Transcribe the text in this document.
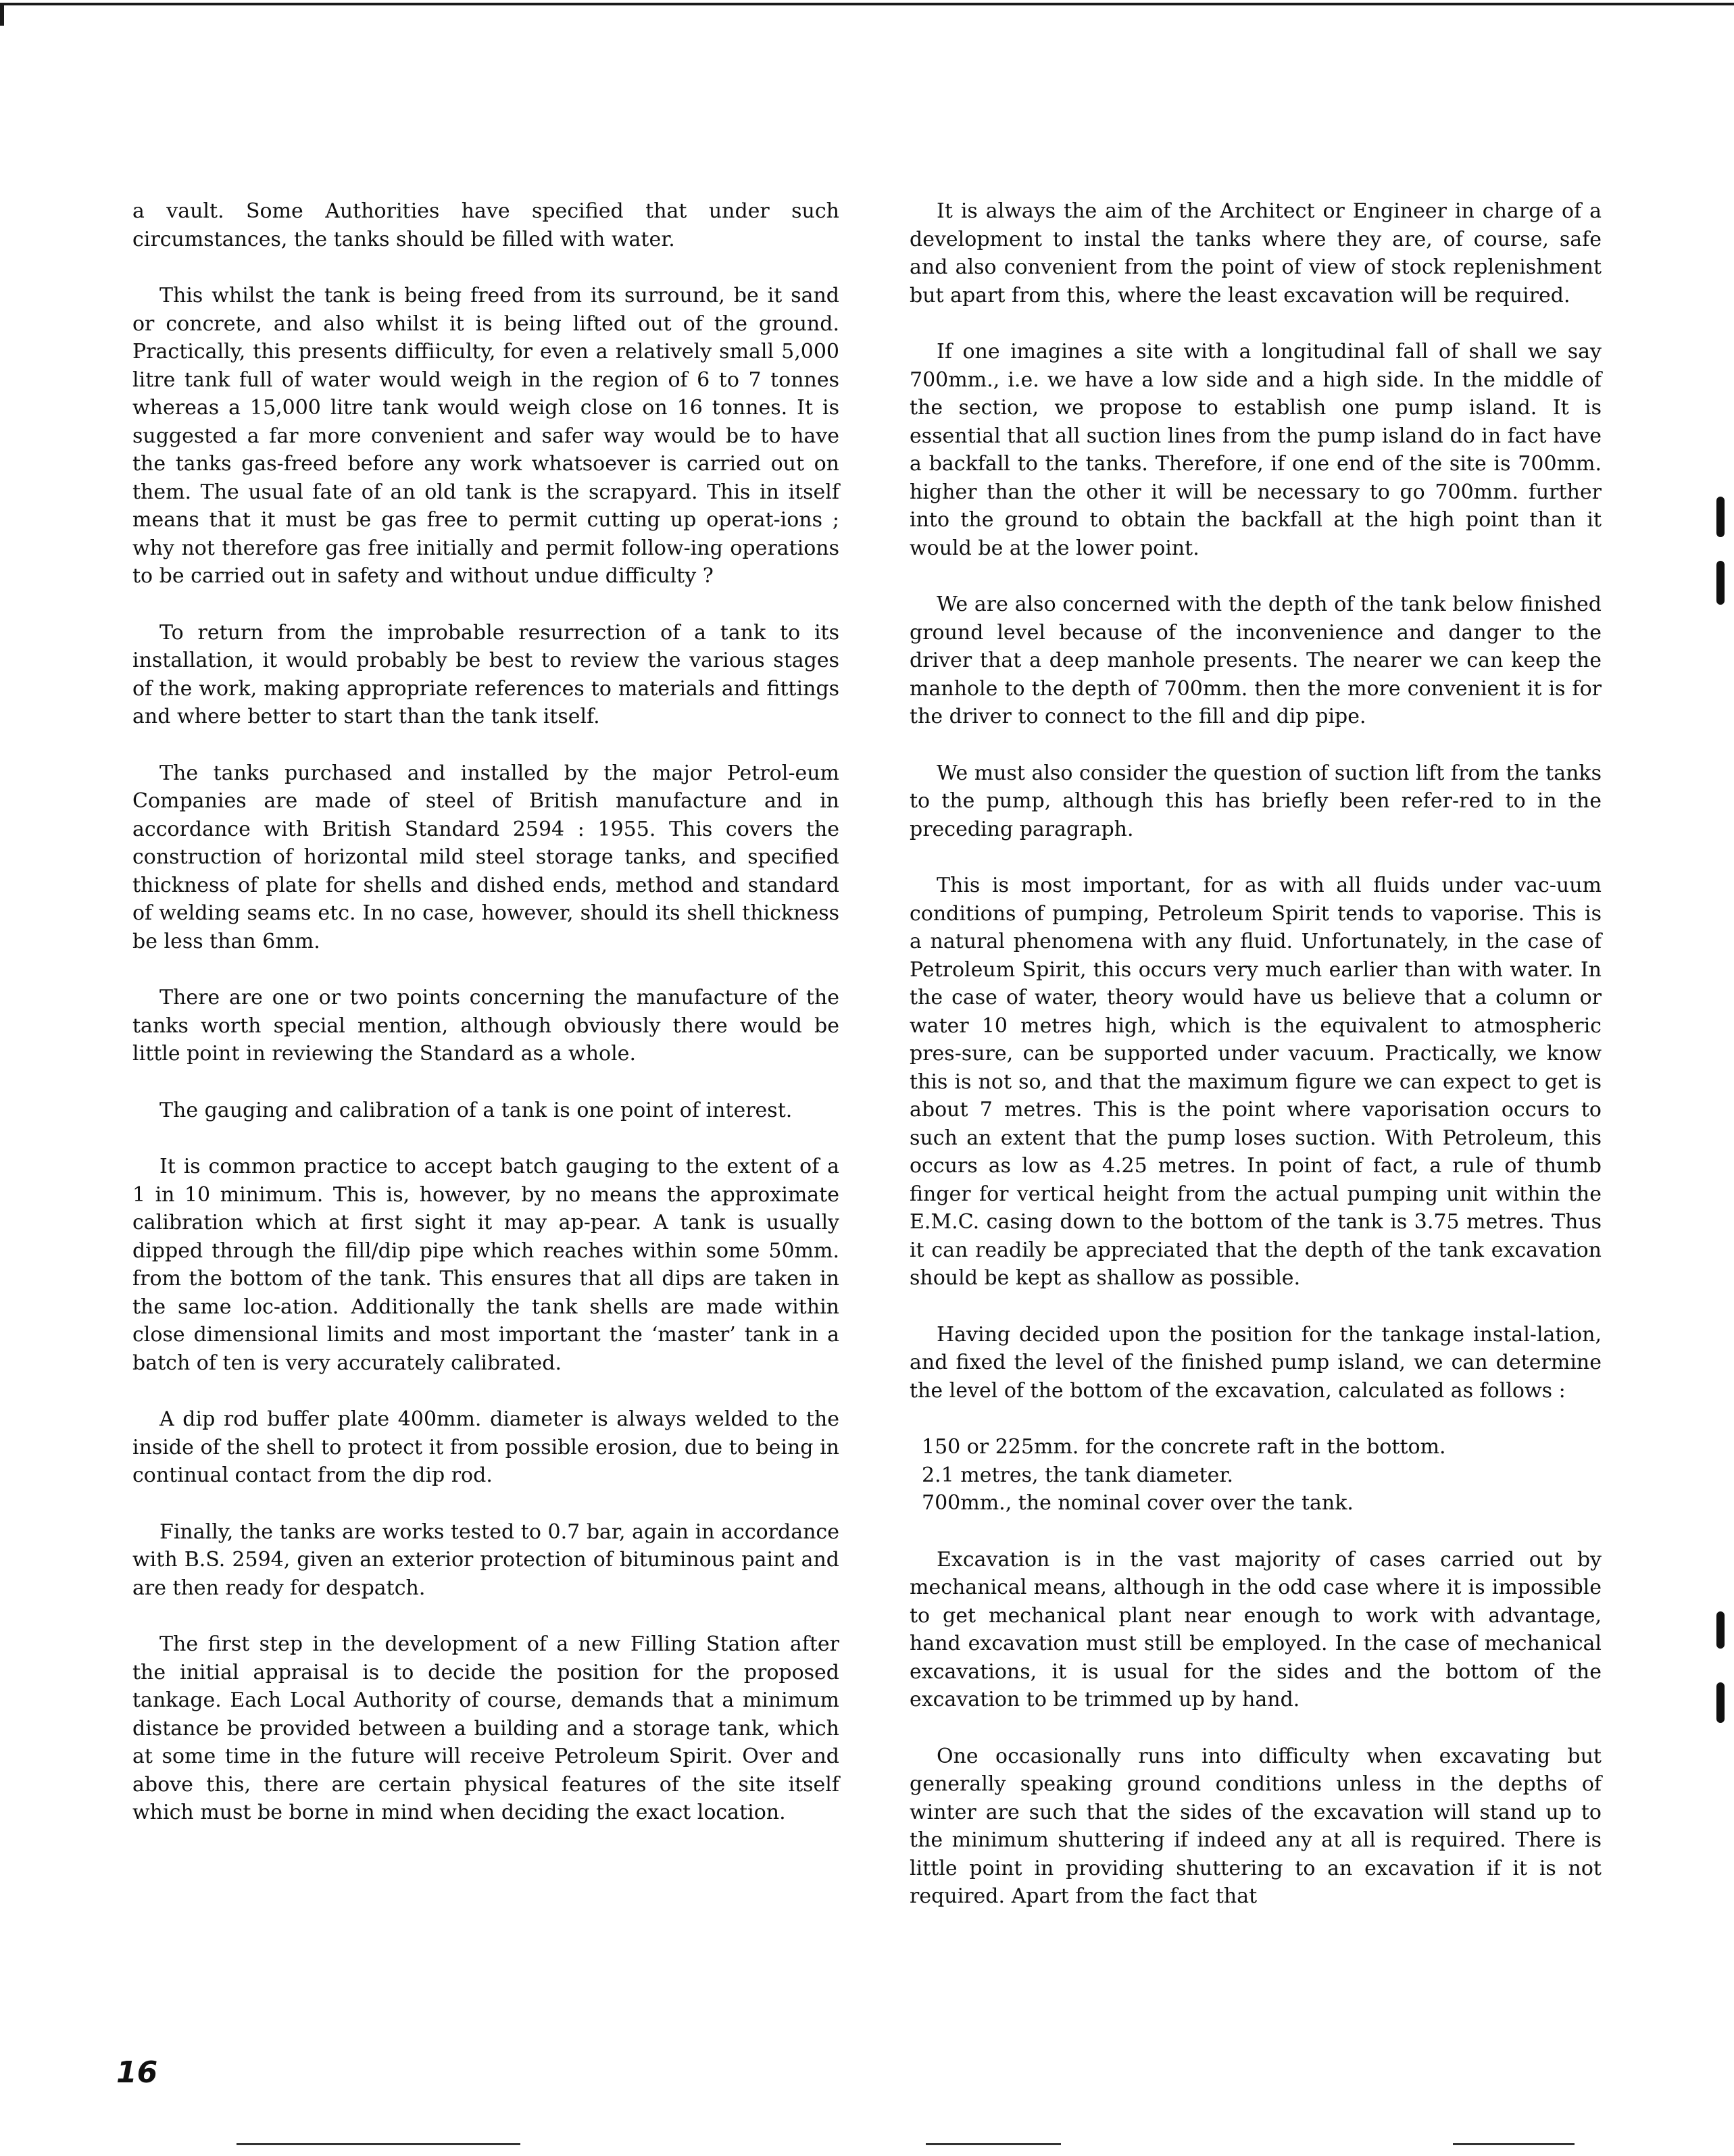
a vault. Some Authorities have specified that under such circumstances, the tanks should be filled with water.

This whilst the tank is being freed from its surround, be it sand or concrete, and also whilst it is being lifted out of the ground. Practically, this presents diffiiculty, for even a relatively small 5,000 litre tank full of water would weigh in the region of 6 to 7 tonnes whereas a 15,000 litre tank would weigh close on 16 tonnes. It is suggested a far more convenient and safer way would be to have the tanks gas-freed before any work whatsoever is carried out on them. The usual fate of an old tank is the scrapyard. This in itself means that it must be gas free to permit cutting up operat-ions ; why not therefore gas free initially and permit follow-ing operations to be carried out in safety and without undue difficulty ?

To return from the improbable resurrection of a tank to its installation, it would probably be best to review the various stages of the work, making appropriate references to materials and fittings and where better to start than the tank itself.

The tanks purchased and installed by the major Petrol-eum Companies are made of steel of British manufacture and in accordance with British Standard 2594 : 1955. This covers the construction of horizontal mild steel storage tanks, and specified thickness of plate for shells and dished ends, method and standard of welding seams etc. In no case, however, should its shell thickness be less than 6mm.

There are one or two points concerning the manufacture of the tanks worth special mention, although obviously there would be little point in reviewing the Standard as a whole.

The gauging and calibration of a tank is one point of interest.

It is common practice to accept batch gauging to the extent of a 1 in 10 minimum. This is, however, by no means the approximate calibration which at first sight it may ap-pear. A tank is usually dipped through the fill/dip pipe which reaches within some 50mm. from the bottom of the tank. This ensures that all dips are taken in the same loc-ation. Additionally the tank shells are made within close dimensional limits and most important the ‘master’ tank in a batch of ten is very accurately calibrated.

A dip rod buffer plate 400mm. diameter is always welded to the inside of the shell to protect it from possible erosion, due to being in continual contact from the dip rod.

Finally, the tanks are works tested to 0.7 bar, again in accordance with B.S. 2594, given an exterior protection of bituminous paint and are then ready for despatch.

The first step in the development of a new Filling Station after the initial appraisal is to decide the position for the proposed tankage. Each Local Authority of course, demands that a minimum distance be provided between a building and a storage tank, which at some time in the future will receive Petroleum Spirit. Over and above this, there are certain physical features of the site itself which must be borne in mind when deciding the exact location.

It is always the aim of the Architect or Engineer in charge of a development to instal the tanks where they are, of course, safe and also convenient from the point of view of stock replenishment but apart from this, where the least excavation will be required.

If one imagines a site with a longitudinal fall of shall we say 700mm., i.e. we have a low side and a high side. In the middle of the section, we propose to establish one pump island. It is essential that all suction lines from the pump island do in fact have a backfall to the tanks. Therefore, if one end of the site is 700mm. higher than the other it will be necessary to go 700mm. further into the ground to obtain the backfall at the high point than it would be at the lower point.

We are also concerned with the depth of the tank below finished ground level because of the inconvenience and danger to the driver that a deep manhole presents. The nearer we can keep the manhole to the depth of 700mm. then the more convenient it is for the driver to connect to the fill and dip pipe.

We must also consider the question of suction lift from the tanks to the pump, although this has briefly been refer-red to in the preceding paragraph.

This is most important, for as with all fluids under vac-uum conditions of pumping, Petroleum Spirit tends to vaporise. This is a natural phenomena with any fluid. Unfortunately, in the case of Petroleum Spirit, this occurs very much earlier than with water. In the case of water, theory would have us believe that a column or water 10 metres high, which is the equivalent to atmospheric pres-sure, can be supported under vacuum. Practically, we know this is not so, and that the maximum figure we can expect to get is about 7 metres. This is the point where vaporisation occurs to such an extent that the pump loses suction. With Petroleum, this occurs as low as 4.25 metres. In point of fact, a rule of thumb finger for vertical height from the actual pumping unit within the E.M.C. casing down to the bottom of the tank is 3.75 metres. Thus it can readily be appreciated that the depth of the tank excavation should be kept as shallow as possible.

Having decided upon the position for the tankage instal-lation, and fixed the level of the finished pump island, we can determine the level of the bottom of the excavation, calculated as follows :

150 or 225mm. for the concrete raft in the bottom.
2.1 metres, the tank diameter.
700mm., the nominal cover over the tank.

Excavation is in the vast majority of cases carried out by mechanical means, although in the odd case where it is impossible to get mechanical plant near enough to work with advantage, hand excavation must still be employed. In the case of mechanical excavations, it is usual for the sides and the bottom of the excavation to be trimmed up by hand.

One occasionally runs into difficulty when excavating but generally speaking ground conditions unless in the depths of winter are such that the sides of the excavation will stand up to the minimum shuttering if indeed any at all is required. There is little point in providing shuttering to an excavation if it is not required. Apart from the fact that

16
